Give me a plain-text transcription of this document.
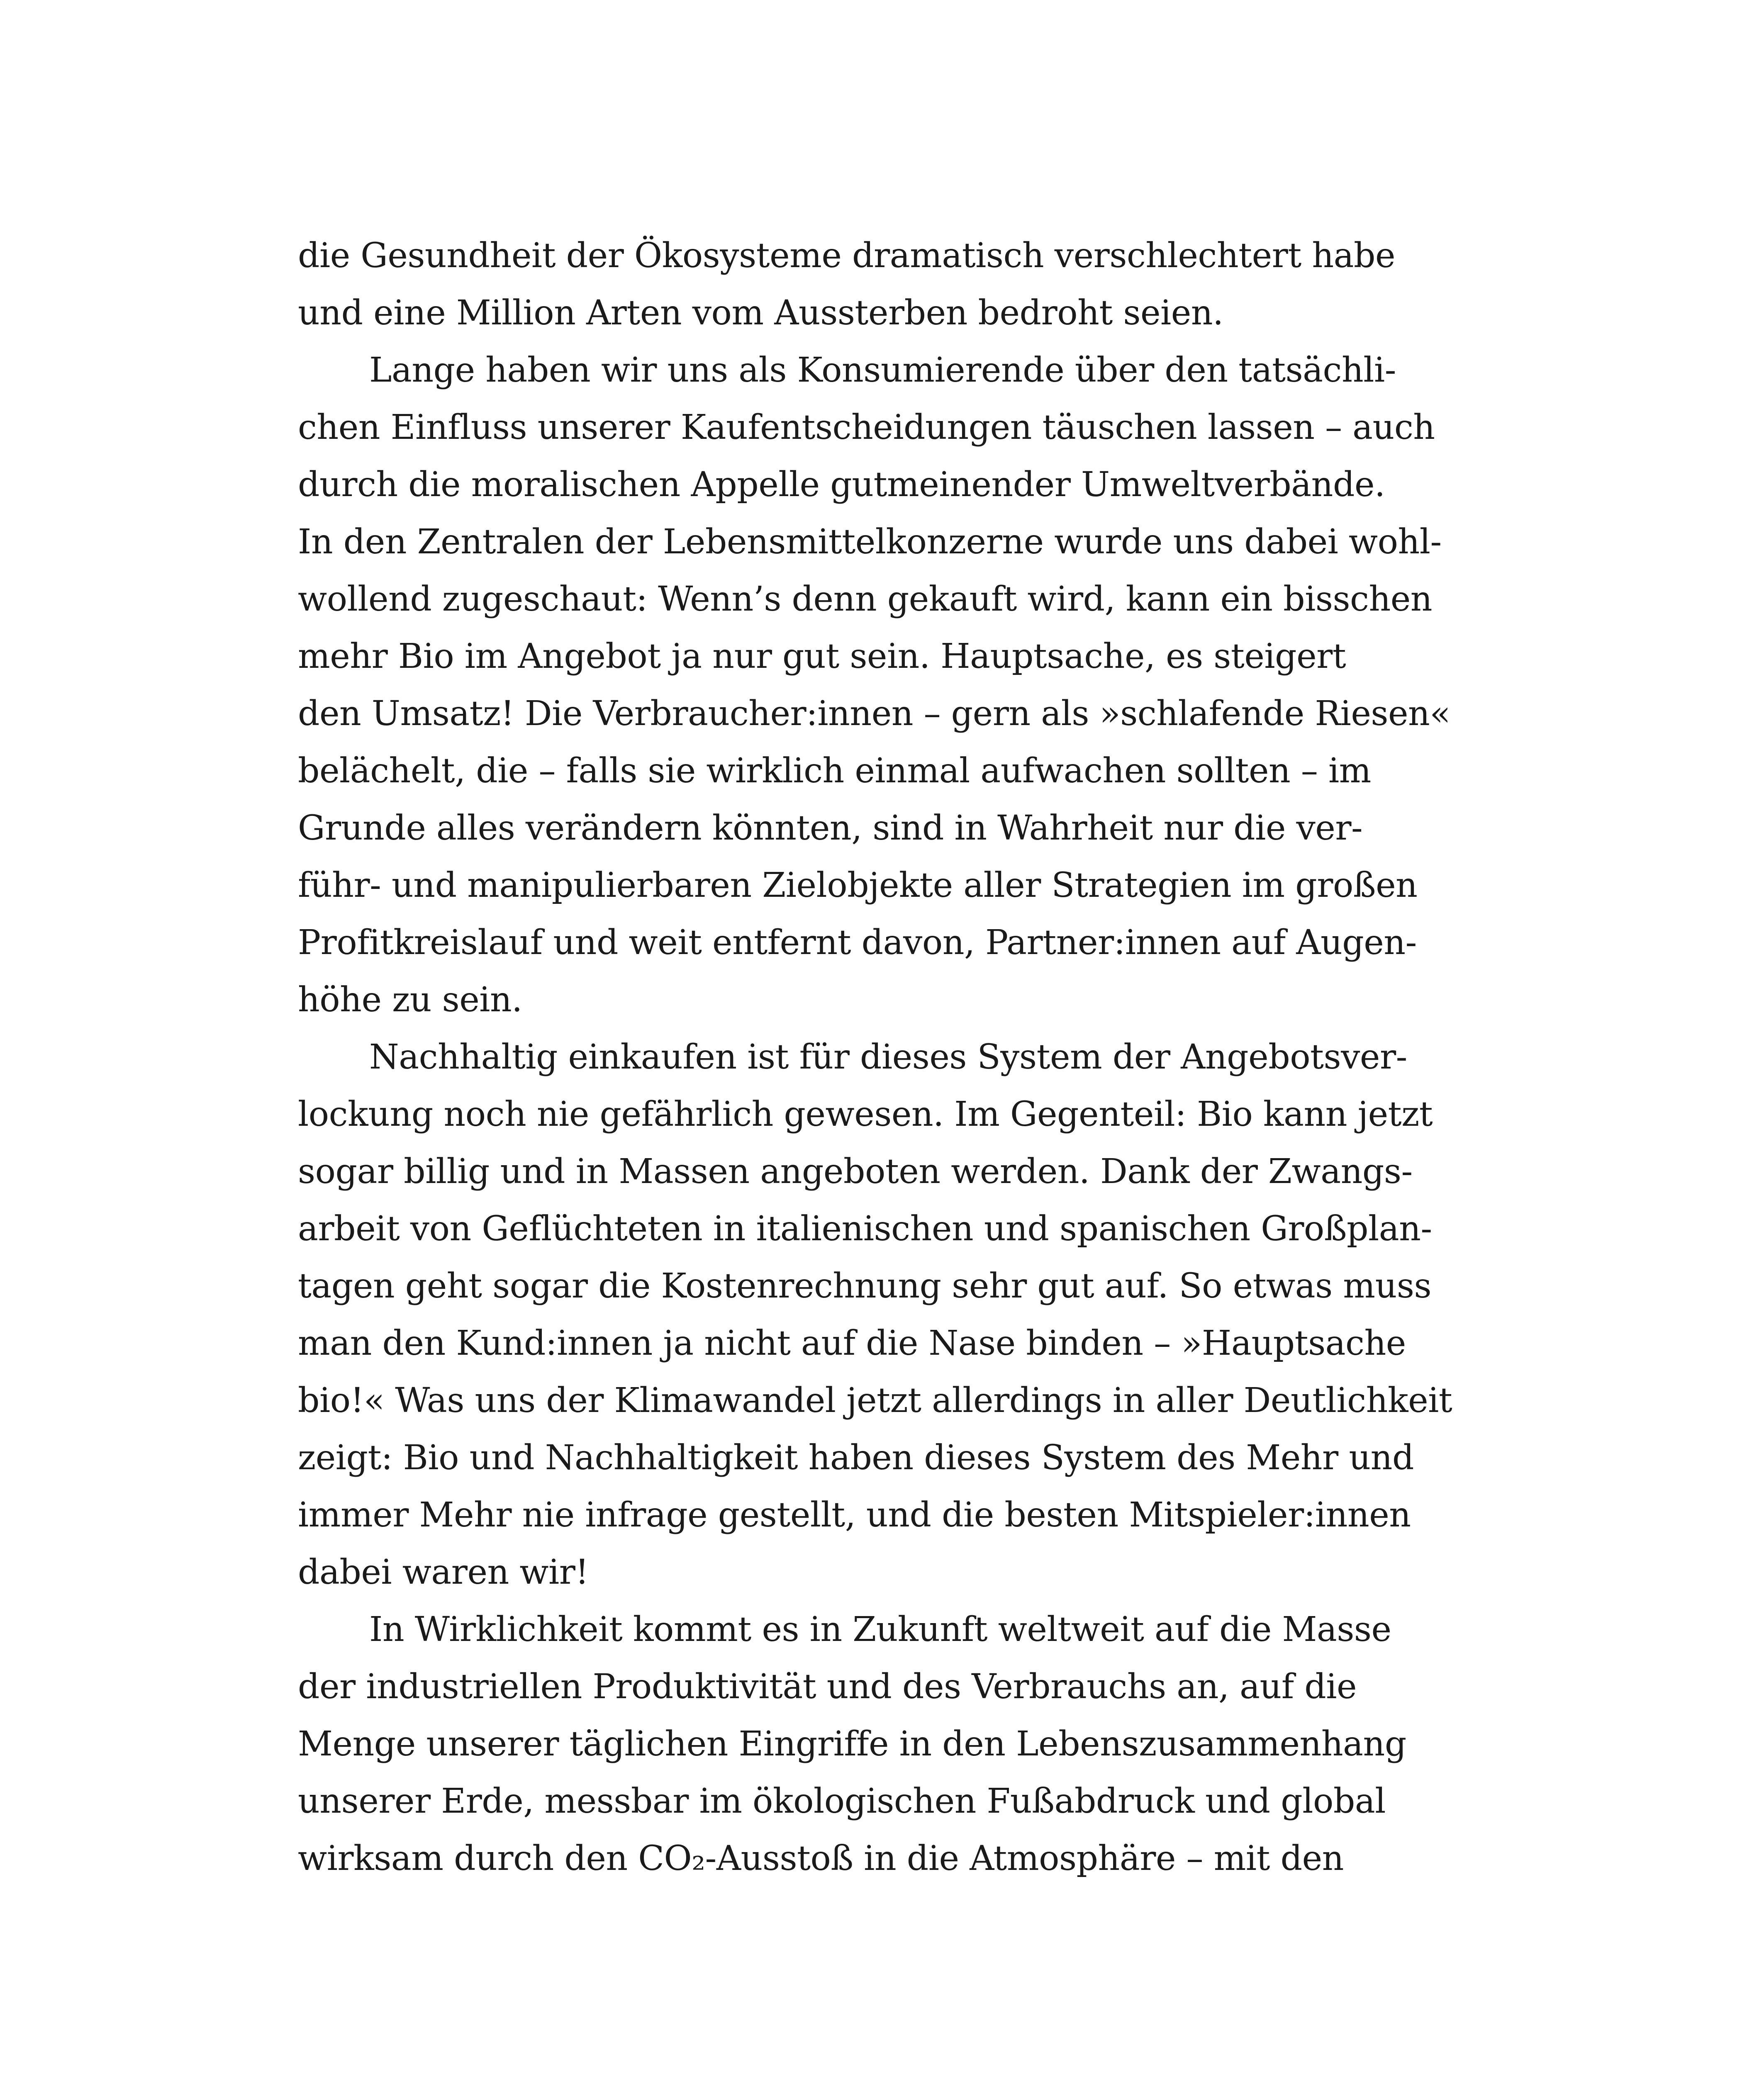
die Gesundheit der Ökosysteme dramatisch verschlechtert habe
und eine Million Arten vom Aussterben bedroht seien.
Lange haben wir uns als Konsumierende über den tatsächli-
chen Einfluss unserer Kaufentscheidungen täuschen lassen – auch
durch die moralischen Appelle gutmeinender Umweltverbände.
In den Zentralen der Lebensmittelkonzerne wurde uns dabei wohl-
wollend zugeschaut: Wenn’s denn gekauft wird, kann ein bisschen
mehr Bio im Angebot ja nur gut sein. Hauptsache, es steigert
den Umsatz! Die Verbraucher:innen – gern als »schlafende Riesen«
belächelt, die – falls sie wirklich einmal aufwachen sollten – im
Grunde alles verändern könnten, sind in Wahrheit nur die ver-
führ- und manipulierbaren Zielobjekte aller Strategien im großen
Profitkreislauf und weit entfernt davon, Partner:innen auf Augen-
höhe zu sein.
Nachhaltig einkaufen ist für dieses System der Angebotsver-
lockung noch nie gefährlich gewesen. Im Gegenteil: Bio kann jetzt
sogar billig und in Massen angeboten werden. Dank der Zwangs-
arbeit von Geflüchteten in italienischen und spanischen Großplan-
tagen geht sogar die Kostenrechnung sehr gut auf. So etwas muss
man den Kund:innen ja nicht auf die Nase binden – »Hauptsache
bio!« Was uns der Klimawandel jetzt allerdings in aller Deutlichkeit
zeigt: Bio und Nachhaltigkeit haben dieses System des Mehr und
immer Mehr nie infrage gestellt, und die besten Mitspieler:innen
dabei waren wir!
In Wirklichkeit kommt es in Zukunft weltweit auf die Masse
der industriellen Produktivität und des Verbrauchs an, auf die
Menge unserer täglichen Eingriffe in den Lebenszusammenhang
unserer Erde, messbar im ökologischen Fußabdruck und global
wirksam durch den CO₂-Ausstoß in die Atmosphäre – mit den
